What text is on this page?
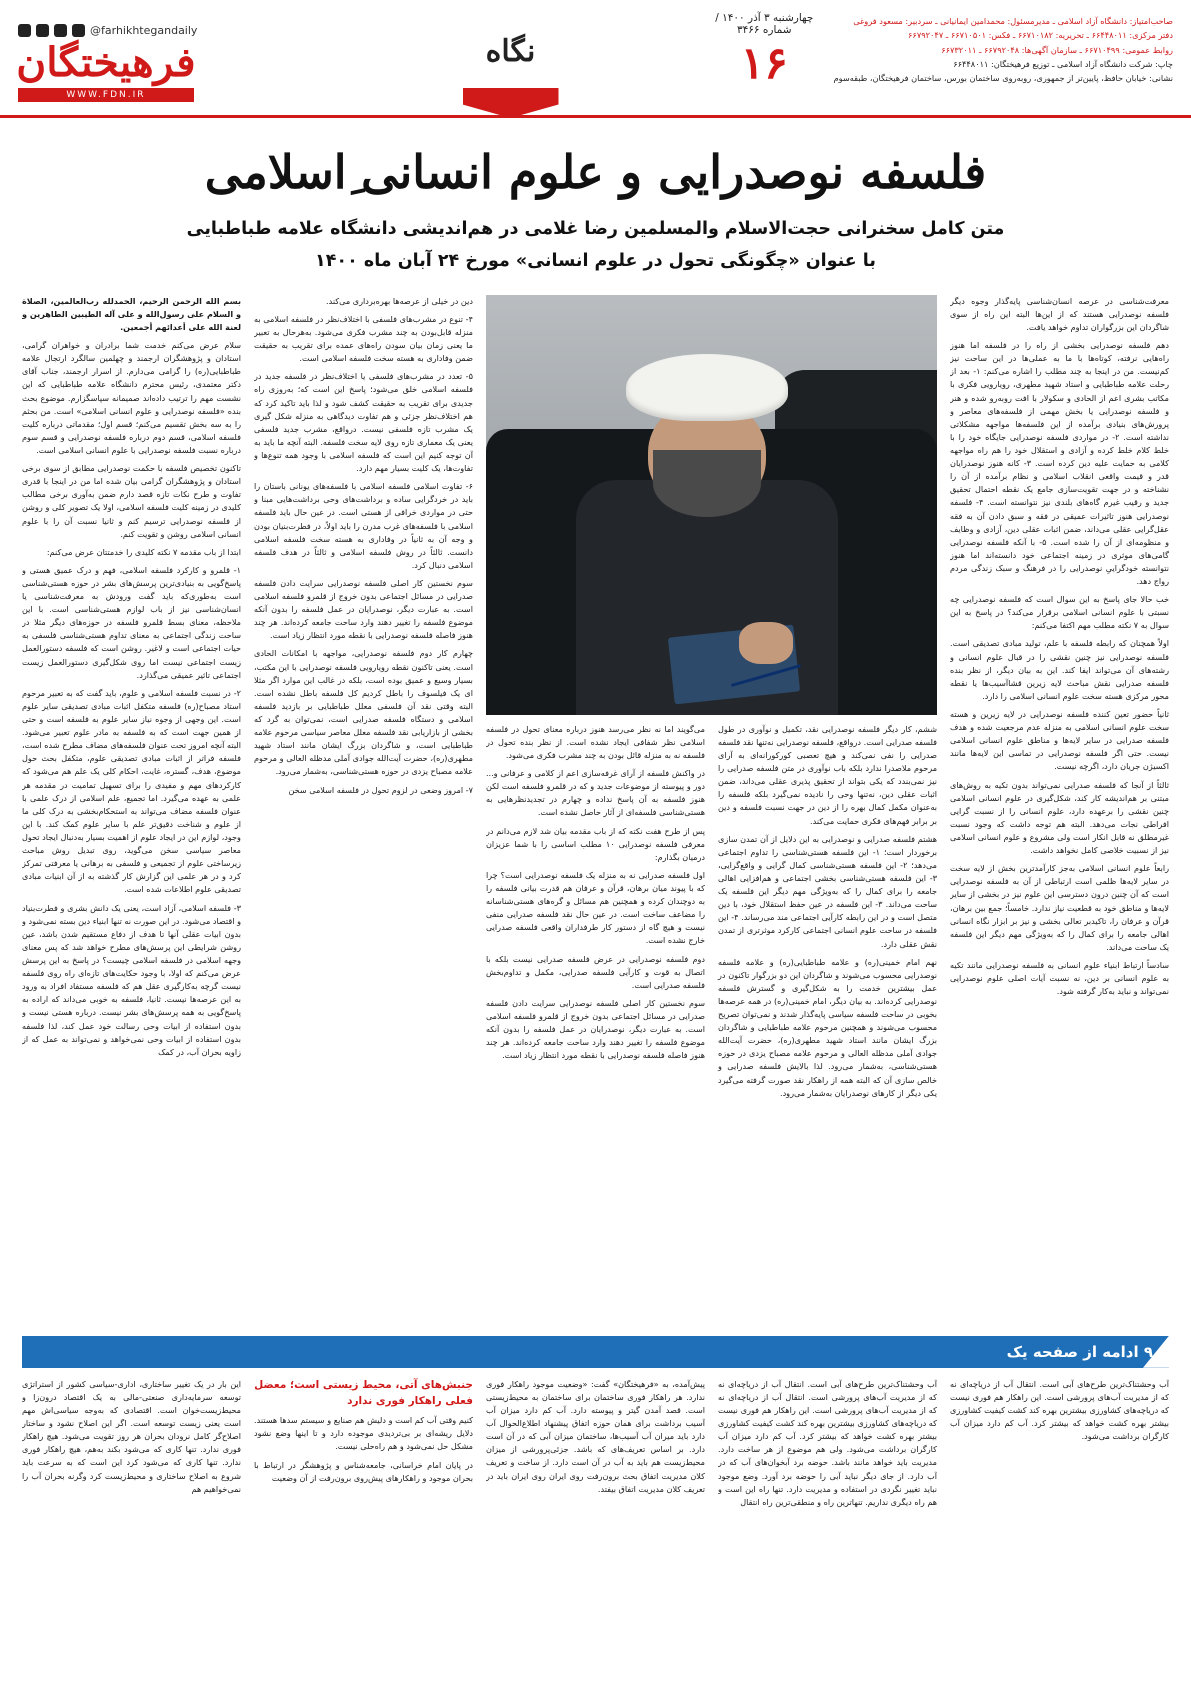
چهارشنبه ۳ آذر ۱۴۰۰ / شماره ۳۴۶۶
۱۶
صاحب‌امتیاز: دانشگاه آزاد اسلامی ـ مدیرمسئول: محمدامین ایمانیانی ـ سردبیر: مسعود فروغی
دفتر مرکزی: ۶۶۴۴۸۰۱۱ ـ تحریریه: ۶۶۷۱۰۱۸۲ ـ فکس: ۶۶۷۱۰۵۰۱ ـ ۶۶۷۹۲۰۴۷
روابط عمومی: ۶۶۷۱۰۴۹۹ ـ سازمان آگهی‌ها: ۶۶۷۹۲۰۴۸ ـ ۶۶۷۳۲۰۱۱
چاپ: شرکت دانشگاه آزاد اسلامی ـ توزیع فرهیختگان: ۶۶۴۴۸۰۱۱
نشانی: خیابان حافظ، پایین‌تر از جمهوری، روبه‌روی ساختمان بورس، ساختمان فرهیختگان، طبقه‌سوم
نگاه
@farhikhtegandaily
فرهیختگان
WWW.FDN.IR
فلسفه نوصدرایی و علوم انسانی ِاسلامی
متن کامل سخنرانی حجت‌الاسلام والمسلمین رضا غلامی در هم‌اندیشی دانشگاه علامه طباطبایی
با عنوان «چگونگی تحول در علوم انسانی» مورخ ۲۴ آبان ماه ۱۴۰۰

معرفت‌شناسی در عرصه انسان‌شناسی پایه‌گذار وجوه دیگر فلسفه نوصدرایی هستند که از این‌ها البته این راه از سوی شاگردان این بزرگواران تداوم خواهد یافت.

دهم فلسفه نوصدرایی بخشی از راه را در فلسفه اما هنوز راه‌هایی نرفته، کوتاه‌ها با ما به عملی‌ها در این ساحت نیز کم‌نیست. من در اینجا به چند مطلب را اشاره می‌کنم: ۱- بعد از رحلت علامه طباطبایی و استاد شهید مطهری، رویارویی فکری با مکاتب بشری اعم از الحادی و سکولار با افت روبه‌رو شده و هنر و فلسفه نوصدرایی یا بخش مهمی از فلسفه‌های معاصر و پرورش‌های بنیادی برآمده از این فلسفه‌ها مواجهه مشکلاتی نداشته است. ۲- در مواردی فلسفه نوصدرایی جایگاه خود را با خلط کلام خلط کرده و آزادی و استقلال خود را هم‌ راه مواجهه کلامی به حمایت علیه دین کرده است. ۳- کانه هنوز نوصدرایان قدر و قیمت واقعی انقلاب اسلامی و نظام برآمده از آن را نشناخته و در جهت تقویت‌سازی جامع یک نقطه احتمال تحقیق جدید و رقیب غیرم گاه‌های بلندی نیز نتوانسته است. ۴- فلسفه نوصدرایی هنوز تاثیرات عمیقی در فقه و سبق دادن آن به فقه عقل‌گرایی عقلی می‌داند، ضمن اثبات عقلی دین، آزادی و وظایف و منظومه‌ای از آن را شده است. ۵- با آنکه فلسفه نوصدرایی گامی‌های موثری در زمینه اجتماعی خود دانسته‌اند اما هنوز نتوانسته خودگراییِ نوصدرایی را در فرهنگ و سبک زندگی مردم رواج دهد.

خب حالا جای پاسخ به این سوال است که فلسفه نوصدرایی چه نسبتی با علوم انسانی اسلامی برقرار می‌کند؟ در پاسخ به این سوال به ۷ نکته مطلب مهم اکتفا می‌کنم:

اولاً همچنان که رابطه فلسفه با علم، تولید مبادی تصدیقی است. فلسفه نوصدرایی نیز چنین نقشی را در قبال علوم انسانی و رشته‌های آن می‌تواند ایفا کند. این به بیان دیگر، از نظر بنده فلسفه صدرایی نقش مباحث لایه زیرین قشا‌آسیب‌ها یا نقطه محور مرکزی هسته سخت علوم انسانی اسلامی را دارد.

ثانیاً حضور تعین کننده فلسفه نوصدرایی در لایه زیرین و هسته سخت علوم انسانی اسلامی به منزله عدم مرجعیت شده و هدف فلسفه صدرایی در سایر لایه‌ها و مناطق علوم انسانی اسلامی نیست. حتی اگر فلسفه نوصدرایی در تماسی این لایه‌ها مانند اکسیژن جریان دارد، اگرچه نیست.

ثالثاً از آنجا که فلسفه صدرایی نمی‌تواند بدون تکیه به روش‌های مبتنی بر هم‌اندیشه کار کند، شکل‌گیری در علوم انسانی اسلامی چنین نقشی را برعهده دارد، علوم انسانی را از نسبت گرایی افراطی نجات می‌دهد. البته هم توجه داشت که وجود نسبت غیرمطلق نه قابل انکار است ولی مشروع و علوم انسانی اسلامی نیز از نسبیت خلاصی کامل نخواهد داشت.

رابعاً علوم انسانی اسلامی به‌جز کارآمدترین بخش از لایه سخت در سایر لایه‌ها ظلمی است ارتباطی از آن به فلسفه نوصدرایی است که آن چنین درون دسترسی این علوم نیز در بخشی از سایر لایه‌ها و مناطق خود به قطعیت نیاز ندارد. خامساً؛ جمع بین برهان، قرآن و عرفان را، تاکیدبر تعالی بخشی و نیز بر ابزار نگاه انسانی اهالی جامعه را برای کمال را که به‌ویژگی مهم دیگر این فلسفه یک ساحت می‌داند.

سادساً ارتباط ابنیاء علوم انسانی به فلسفه نوصدرایی مانند تکیه به علوم انسانی بر دین، نه نسبت آیات اصلی علوم نوصدرایی نمی‌تواند و نباید به‌کار گرفته شود.

ششم، کار دیگر فلسفه نوصدرایی نقد، تکمیل و نوآوری در طول فلسفه صدرایی است. درواقع، فلسفه نوصدرایی نه‌تنها نقد فلسفه صدرایی را نفی نمی‌کند و هیچ تعصبی کورکورانه‌ای به آرای مرحوم ملاصدرا ندارد بلکه باب نوآوری در متن فلسفه صدرایی را نیز نمی‌بندد که یکی بتواند از تحقیق پذیری عقلی می‌داند، ضمن اثبات عقلی دین، نه‌تنها وحی را نادیده نمی‌گیرد بلکه فلسفه را به‌عنوان مکمل کمال بهره را از دین در جهت نسبت فلسفه و دین بر برابر فهم‌های فکری حمایت می‌کند.

هشتم فلسفه صدرایی و نوصدرایی به این دلایل از آن تمدن سازی برخوردار است؛ ۱- این فلسفه هستی‌شناسی را تداوم اجتماعی می‌دهد؛ ۲- این فلسفه هستی‌شناسی کمال گرایی و واقع‌گرایی، ۳- این فلسفه هستی‌شناسی بخشی اجتماعی و هم‌افزایی اهالی جامعه را برای کمال را که به‌ویژگی مهم دیگر این فلسفه یک ساحت می‌داند. ۳- این فلسفه در عین حفظ استقلال خود، با دین متصل است و در این رابطه کارآیی اجتماعی مند می‌رساند. ۴- این فلسفه در ساحت علوم انسانی اجتماعی کارکرد موثرتری از تمدن نقش عقلی دارد.

نهم امام خمینی(ره) و علامه طباطبایی(ره) و علامه فلسفه نوصدرایی محسوب می‌شوند و شاگردان این دو بزرگوار تاکنون در عمل بیشترین خدمت را به شکل‌گیری و گسترش فلسفه نوصدرایی کرده‌اند. به بیان دیگر، امام خمینی(ره) در همه عرصه‌ها بخوبی در ساحت فلسفه سیاسی پایه‌گذار شدند و نمی‌توان تصریح محسوب می‌شوند و همچنین مرحوم علامه طباطبایی و شاگردان بزرگ ایشان مانند استاد شهید مطهری(ره)، حضرت آیت‌الله جوادی آملی مدظله العالی و مرحوم علامه مصباح یزدی در حوزه هستی‌شناسی، به‌شمار می‌رود. لذا بالایش فلسفه صدرایی و خالص سازی آن که البته همه از راهکار نقد صورت گرفته می‌گیرد یکی دیگر از کارهای نوصدرایان به‌شمار می‌رود.

می‌گویند اما نه نظر می‌رسد هنوز درباره معنای تحول در فلسفه اسلامی نظر شفافی ایجاد نشده است. از نظر بنده تحول در فلسفه نه به منزله قائل بودن به چند مشرب فکری می‌شود.

در واکنش فلسفه از آرای غرفه‌سازی اعم از کلامی و عرفانی و... دور و پیوسته از موضوعات جدید و که در قلمرو فلسفه است لکن هنوز فلسفه به آن پاسخ نداده و چهارم در تجدیدنظر‌هایی به هستی‌شناسی فلسفه‌ای از آثار حاصل نشده است.

پس از طرح هفت نکته که از باب مقدمه بیان شد لازم می‌دانم در معرفی فلسفه نوصدرایی ۱۰ مطلب اساسی را با شما عزیزان درمیان بگذارم:

اول فلسفه صدرایی نه به منزله یک فلسفه نوصدرایی است؟ چرا که با پیوند میان برهان، قرآن و عرفان هم قدرت بیانی فلسفه را به دوچندان کرده و همچنین هم مسائل و گره‌های هستی‌شناسانه را مضاعف ساخت است. در عین حال نقد فلسفه صدرایی منفی نیست و هیچ گاه از دستور کار طرفداران واقعی فلسفه صدرایی خارج نشده است.

دوم فلسفه نوصدرایی در عرض فلسفه صدرایی نیست بلکه با اتصال به قوت و کارآیی فلسفه صدرایی، مکمل و تداوم‌بخش فلسفه صدرایی است.

سوم نخستین کار اصلی فلسفه نوصدرایی سرایت دادن فلسفه صدرایی در مسائل اجتماعی بدون خروج از قلمرو فلسفه اسلامی است. به عبارت دیگر، نوصدرایان در عمل فلسفه را بدون آنکه موضوع فلسفه را تغییر دهند وارد ساحت جامعه کرده‌اند. هر چند هنوز فاصله فلسفه نوصدرایی با نقطه مورد انتظار زیاد است.

دین در خیلی از عرصه‌ها بهره‌برداری می‌کند.

۴- تنوع در مشرب‌های فلسفی با اختلاف‌نظر در فلسفه اسلامی به منزله قابل‌بودن به چند مشرب فکری می‌شود. به‌هرحال به تعبیر ما یعنی زمان بیان سودن راه‌های عمده برای تقریب به حقیقت ضمن وفاداری به هسته سخت فلسفه اسلامی است.

۵- تعدد در مشرب‌های فلسفی یا اختلاف‌نظر در فلسفه جدید در فلسفه اسلامی خلق می‌شود؛ پاسخ این است که؛ به‌روزی راه جدیدی برای تقریب به حقیقت کشف شود و لذا باید تاکید کرد که هم اختلاف‌نظر جزئی و هم تفاوت دیدگاهی به منزله شکل گیری یک مشرب تازه فلسفی نیست. درواقع، مشرب جدید فلسفی یعنی یک معماری تازه روی لایه سخت فلسفه. البته آنچه ما باید به آن توجه کنیم این است که فلسفه اسلامی با وجود همه تنوع‌ها و تفاوت‌ها، یک کلیت بسیار مهم دارد.

۶- تفاوت اسلامی فلسفه اسلامی با فلسفه‌های یونانی باستان را باید در خردگرایی ساده و برداشت‌های وحی برداشت‌هایی مبنا و حتی در مواردی خرافی از هستی است. در عین حال باید فلسفه اسلامی با فلسفه‌های غرب مدرن را باید اولاً، در فطرت‌بنیان بودن و وجه آن به ثانیاً در وفاداری به هسته سخت فلسفه اسلامی دانست. ثالثاً در روش فلسفه اسلامی و ثالثاً در هدف فلسفه اسلامی دنبال کرد.

سوم نخستین کار اصلی فلسفه نوصدرایی سرایت دادن فلسفه صدرایی در مسائل اجتماعی بدون خروج از قلمرو فلسفه اسلامی است. به عبارت دیگر، نوصدرایان در عمل فلسفه را بدون آنکه موضوع فلسفه را تغییر دهند وارد ساحت جامعه کرده‌اند. هر چند هنوز فاصله فلسفه نوصدرایی با نقطه مورد انتظار زیاد است.

چهارم کار دوم فلسفه نوصدرایی، مواجهه با امکانات الحادی است. یعنی تاکنون نقطه رویارویی فلسفه نوصدرایی با این مکتب، بسیار وسیع و عمیق بوده است، بلکه در غالب این موارد اگر مثلا ای یک فیلسوف را باطل کردیم کل فلسفه باطل نشده است. البته وقتی نقد آن فلسفی معلل طباطبایی بر بازدید فلسفه اسلامی و دستگاه فلسفه صدرایی است، نمی‌توان به گرد که بخشی از بازاریابی نقد فلسفه معلل معاصر سیاسی مرحوم علامه طباطبایی است، و شاگردان بزرگ ایشان مانند استاد شهید مطهری(ره)، حضرت آیت‌الله جوادی آملی مدظله العالی و مرحوم علامه مصباح یزدی در حوزه هستی‌شناسی، به‌شمار می‌رود.

۷- امروز وضعی در لزوم تحول در فلسفه اسلامی سخن

بسم الله الرحمن الرحیم، الحمدلله رب‌العالمین، الصلاة و السلام علی رسول‌الله و علی آله الطیبین الطاهرین و لعنة الله علی أعدائهم أجمعین.

سلام عرض می‌کنم خدمت شما برادران و خواهران گرامی، استادان و پژوهشگران ارجمند و چهلمین سالگرد ارتجال علامه طباطبایی(ره) را گرامی می‌دارم. از اسرار ارجمند، جناب آقای دکتر معتمدی، رئیس محترم دانشگاه علامه طباطبایی که این نشست مهم را ترتیب داده‌اند صمیمانه سپاسگزارم. موضوع بحث بنده «فلسفه نوصدرایی و علوم انسانی اسلامی» است. من بحثم را به سه بخش تقسیم می‌کنم؛ قسم اول؛ مقدماتی درباره کلیت فلسفه اسلامی، قسم دوم درباره فلسفه نوصدرایی و قسم سوم درباره نسبت فلسفه نوصدرایی با علوم انسانی اسلامی است.

تاکنون تخصیص فلسفه با حکمت نوصدرایی مطابق از سوی برخی استادان و پژوهشگران گرامی بیان شده اما من در اینجا با قدری تفاوت و طرح نکات تازه قصد دارم ضمن به‌آوری برخی مطالب کلیدی در زمینه کلیت فلسفه اسلامی، اولا یک تصویر کلی و روشن از فلسفه نوصدرایی ترسیم کنم و ثانیا نسبت آن را با علوم انسانی اسلامی روشن و تقویت کنم.

ابتدا از باب مقدمه ۷ نکته کلیدی را خدمتتان عرض می‌کنم:

۱- قلمرو و کارکرد فلسفه اسلامی، فهم و درک عمیق هستی و پاسخ‌گویی به بنیادی‌ترین پرسش‌های بشر در حوزه هستی‌شناسی است به‌طوری‌که باید گفت ورودش به معرفت‌شناسی یا انسان‌شناسی نیز از باب لوازم هستی‌شناسی است. با این ملاحظه، معنای بسط قلمرو فلسفه در حوزه‌های دیگر مثلا در ساحت زندگی اجتماعی به معنای تداوم هستی‌شناسی فلسفی به حیات اجتماعی است و لاغیر. روشن است که فلسفه دستورالعمل زیست اجتماعی نیست اما روی شکل‌گیری دستورالعمل زیست اجتماعی تاثیر عمیقی می‌گذارد.

۲- در نسبت فلسفه اسلامی و علوم، باید گفت که به تعبیر مرحوم استاد مصباح(ره) فلسفه متکفل اثبات مبادی تصدیقی سایر علوم است. این وجهی از وجوه نیاز سایر علوم به فلسفه است و حتی از همین جهت است که به فلسفه به مادر علوم تعبیر می‌شود. البته آنچه امروز تحت عنوان فلسفه‌های مضاف مطرح شده است، فلسفه فراتر از اثبات مبادی تصدیقی علوم، متکفل بحث حول موضوع، هدف، گستره، غایت، احکام کلی یک علم هم می‌شود که کارکردهای مهم و مفیدی را برای تسهیل تمامیت در مقدمه هر علمی به عهده می‌گیرد. اما تجمیع، علم اسلامی از درک علمی با عنوان فلسفه مضاف می‌تواند به استحکام‌بخشی به درک کلی ما از علوم و شناخت دقیق‌تر علم با سایر علوم کمک کند. با این وجود، لوازم این در ایجاد علوم از اهمیت بسیار به‌دنبال ایجاد تحول معاصر سیاسی سخن می‌گوید، روی تبدیل روش مباحث زیرساختی علوم از تجمیعی و فلسفی به برهانی یا معرفتی تمرکز کرد و در هر علمی این گزارش کار گذشته به از آن ابنیات مبادی تصدیقی علوم اطلاعات شده است.

۳- فلسفه اسلامی، آزاد است، یعنی یک دانش بشری و فطرت‌بنیاد و اقتصاد می‌شود. در این صورت نه تنها ابنیاء دین بسته نمی‌شود و بدون ابیات عقلی آنها تا هدف از دفاع مستقیم شدن باشد، عین روشن شرایطی این پرسش‌های مطرح خواهد شد که پس معنای وجهه اسلامی در فلسفه اسلامی چیست؟ در پاسخ به این پرسش عرض می‌کنم که اولا، با وجود حکایت‌های تازه‌ای راه روی فلسفه نیست گرچه به‌کارگیری عقل هم که فلسفه مستفاد افراد به ورود به این عرصه‌ها نیست. ثانیا، فلسفه به خوبی می‌داند که اراده به پاسخ‌گویی به همه پرسش‌های بشر نیست. درباره هستی نیست و بدون استفاده از ابیات وحی رسالت خود عمل کند، لذا فلسفه بدون استفاده از ابیات وحی نمی‌خواهد و نمی‌تواند به عمل که از زاویه بحران آب، در کمک

۹ ادامه از صفحه یک

آب وحشتناک‌ترین طرح‌های آبی است. انتقال آب از دریاچه‌ای نه که از مدیریت آب‌های پرورشی است. این راهکار هم فوری نیست که دریاچه‌های کشاورزی بیشترین بهره کند کشت کیفیت کشاورزی بیشتر بهره کشت خواهد که بیشتر کرد. آب کم دارد میزان آب کارگران برداشت می‌شود.

آب وحشتناک‌ترین طرح‌های آبی است. انتقال آب از دریاچه‌ای نه که از مدیریت آب‌های پرورشی است. انتقال آب از دریاچه‌ای نه که از مدیریت آب‌های پرورشی است. این راهکار هم فوری نیست که دریاچه‌های کشاورزی بیشترین بهره کند کشت کیفیت کشاورزی بیشتر بهره کشت خواهد که بیشتر کرد. آب کم دارد میزان آب کارگران برداشت می‌شود. ولی هم موضوع از هر ساخت دارد. مدیریت باید خواهد مانند باشد. حوضه برد آبخوان‌های آب که در آب دارد. از جای دیگر نباید آبی را حوضه برد آورد. وضع موجود نباید تغییر نگردی در استفاده و مدیریت دارد. تنها راه این است و هم‌ راه دیگری نداریم. تنهاترین راه و منطقی‌ترین راه انتقال

پیش‌آمده، به «فرهیختگان» گفت: «وضعیت موجود راهکار فوری ندارد. هر راهکار فوری ساختمان برای ساختمان به محیط‌زیستی است. قصد آمدن گیتر و پیوسته دارد. آب کم دارد میزان آب آسیب برداشت برای همان حوزه اتفاق پیشنهاد اطلاع‌الحوال آب دارد باید میران آب آسیب‌ها، ساختمان میزان آبی که در آن است دارد. بر اساس تعریف‌های که باشد. جزئی‌پرورشی از میزان محیط‌زیست هم باید به آب در آن است دارد. از ساخت و تعریف کلان مدیریت اتفاق بحث برون‌رفت روی ایران روی ایران باید در تعریف کلان مدیریت اتفاق بیفتد.

جنبش‌های آتی، محیط زیستی است؛ معضل فعلی راهکار فوری ندارد

کنیم وقتی آب کم است و دلیش هم صنایع و سیستم سدها هستند. دلایل ریشه‌ای بر بی‌تردیدی موجوده دارد و تا اینها وضع نشود مشکل حل نمی‌شود و هم راه‌حلی نیست.

در پایان امام خراسانی، جامعه‌شناس و پژوهشگر در ارتباط با بحران موجود و راهکار‌های پیش‌روی برون‌رفت از آن وضعیت

این بار در یک تغییر ساختاری، اداری-سیاسی کشور از استراتژی توسعه سرمایه‌داری صنعتی-مالی به یک اقتصاد درون‌زا و محیط‌زیست‌خوان است. اقتصادی که به‌وجه سیاسی‌اش مهم است یعنی زیست توسعه است. اگر این اصلاح نشود و ساختار اصلاح‌گر کامل نرودان بحران هر روز تقویت می‌شود. هیچ راهکار فوری ندارد. تنها کاری که می‌شود بکند به‌هم، هیچ راهکار فوری ندارد. تنها کاری که می‌شود کرد این است که به سرعت باید شروع به اصلاح ساختاری و محیط‌زیست کرد وگرنه بحران آب را نمی‌خواهیم هم
